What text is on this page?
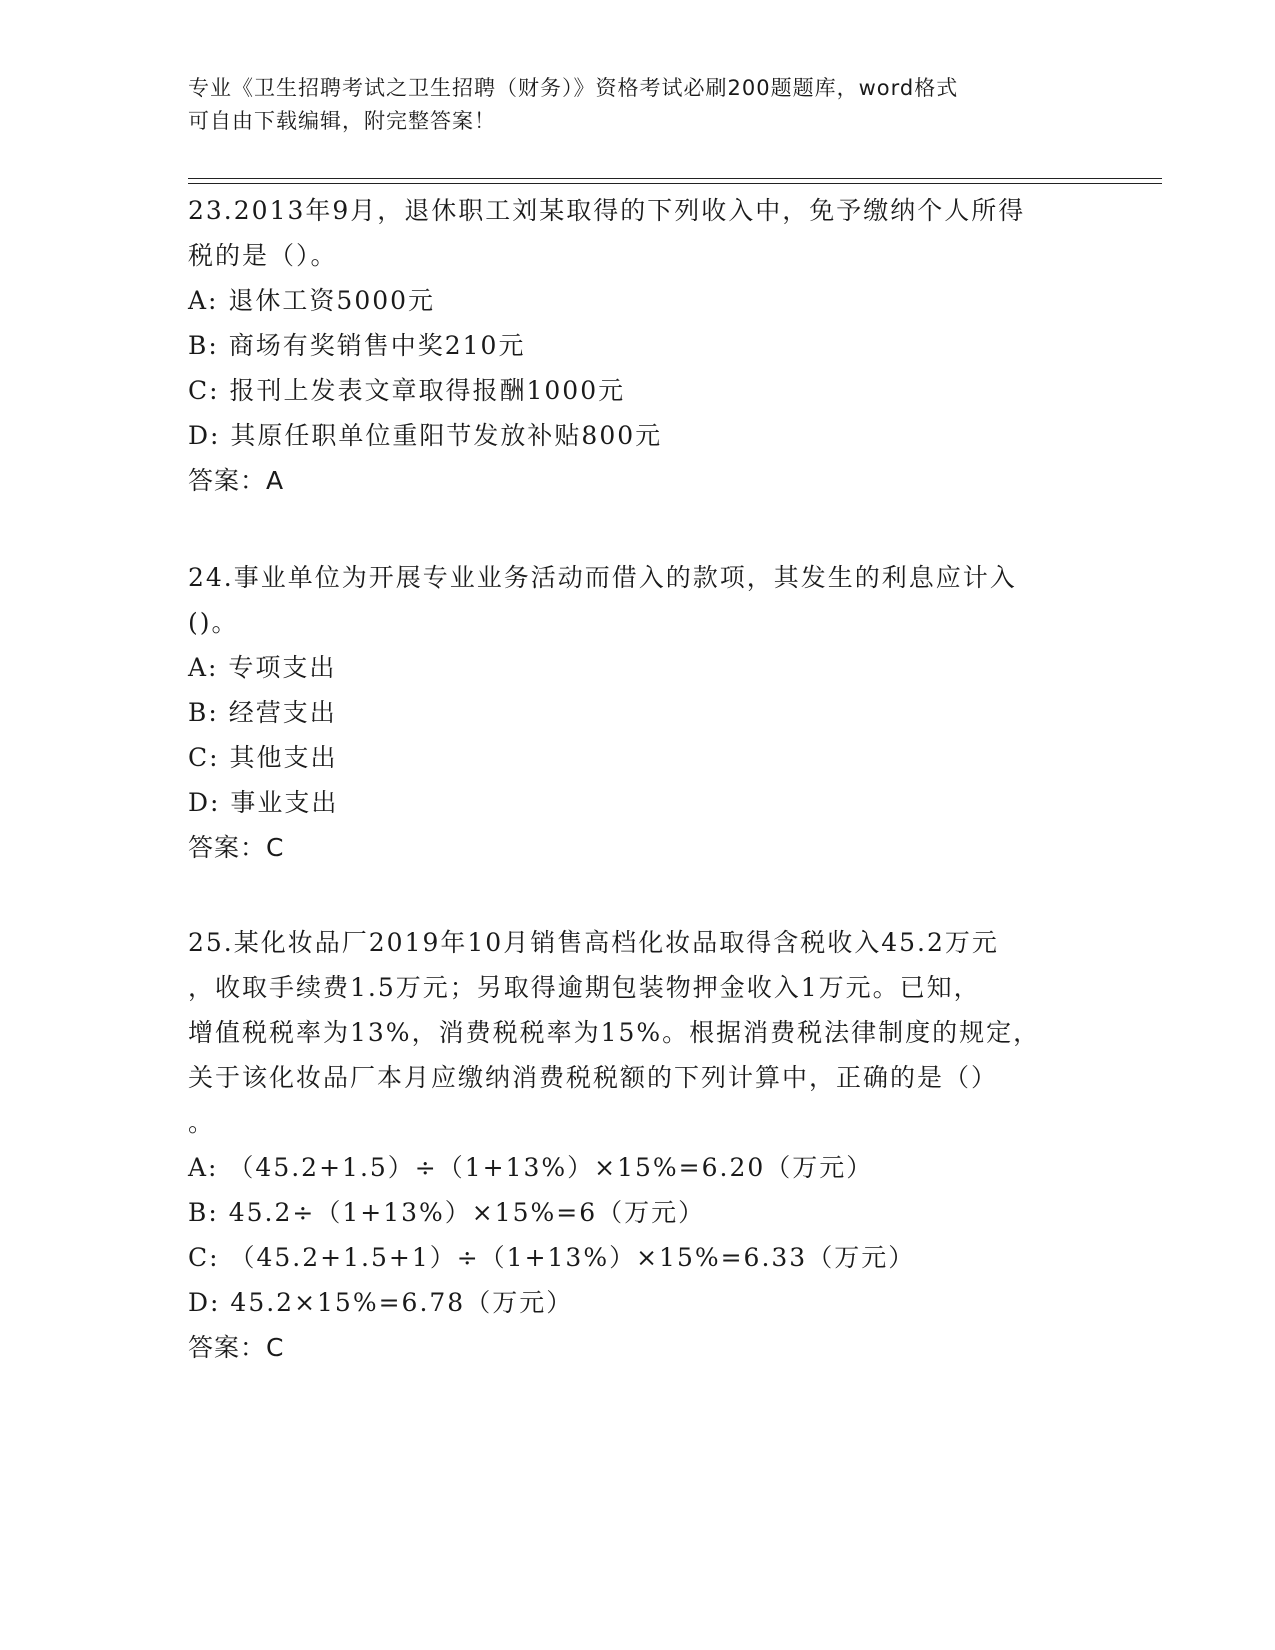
专业《卫生招聘考试之卫生招聘（财务）》资格考试必刷200题题库，word格式
可自由下载编辑，附完整答案！
23.2013年9月，退休职工刘某取得的下列收入中，免予缴纳个人所得
税的是（）。
A: 退休工资5000元
B: 商场有奖销售中奖210元
C: 报刊上发表文章取得报酬1000元
D: 其原任职单位重阳节发放补贴800元
答案：A
24.事业单位为开展专业业务活动而借入的款项，其发生的利息应计入
()。
A: 专项支出
B: 经营支出
C: 其他支出
D: 事业支出
答案：C
25.某化妆品厂2019年10月销售高档化妆品取得含税收入45.2万元
，收取手续费1.5万元；另取得逾期包装物押金收入1万元。已知，
增值税税率为13%，消费税税率为15%。根据消费税法律制度的规定，
关于该化妆品厂本月应缴纳消费税税额的下列计算中，正确的是（）
。
A: （45.2+1.5）÷（1+13%）×15%=6.20（万元）
B: 45.2÷（1+13%）×15%=6（万元）
C: （45.2+1.5+1）÷（1+13%）×15%=6.33（万元）
D: 45.2×15%=6.78（万元）
答案：C
